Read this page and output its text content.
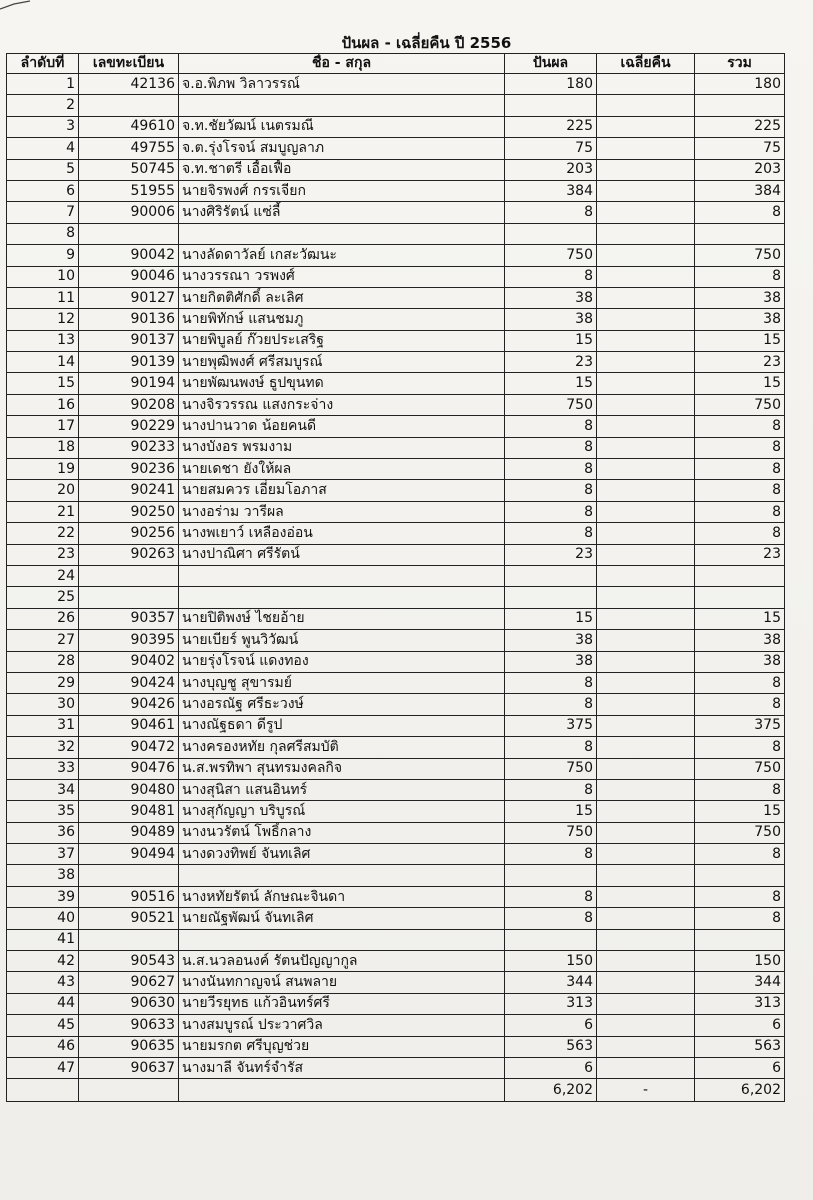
ปันผล - เฉลี่ยคืน ปี 2556
ลำดับที่	เลขทะเบียน	ชื่อ - สกุล	ปันผล	เฉลี่ยคืน	รวม
1	42136	จ.อ.พิภพ วิลาวรรณ์	180		180
2					
3	49610	จ.ท.ชัยวัฒน์ เนตรมณี	225		225
4	49755	จ.ต.รุ่งโรจน์ สมบูญลาภ	75		75
5	50745	จ.ท.ชาตรี เอื้อเฟื้อ	203		203
6	51955	นายจิรพงศ์ กรรเจียก	384		384
7	90006	นางศิริรัตน์ แซ่ลี้	8		8
8					
9	90042	นางลัดดาวัลย์ เกสะวัฒนะ	750		750
10	90046	นางวรรณา วรพงศ์	8		8
11	90127	นายกิตติศักดิ์ ละเลิศ	38		38
12	90136	นายพิทักษ์ แสนชมภู	38		38
13	90137	นายพิบูลย์ ก๊วยประเสริฐ	15		15
14	90139	นายพุฒิพงศ์ ศรีสมบูรณ์	23		23
15	90194	นายพัฒนพงษ์ ธูปขุนทด	15		15
16	90208	นางจิรวรรณ แสงกระจ่าง	750		750
17	90229	นางปานวาด น้อยคนดี	8		8
18	90233	นางบังอร พรมงาม	8		8
19	90236	นายเดชา ยังให้ผล	8		8
20	90241	นายสมควร เอี่ยมโอภาส	8		8
21	90250	นางอร่าม วารีผล	8		8
22	90256	นางพเยาว์ เหลืองอ่อน	8		8
23	90263	นางปาณิศา ศรีรัตน์	23		23
24					
25					
26	90357	นายปิติพงษ์ ไชยอ้าย	15		15
27	90395	นายเบียร์ พูนวิวัฒน์	38		38
28	90402	นายรุ่งโรจน์ แดงทอง	38		38
29	90424	นางบุญชู สุขารมย์	8		8
30	90426	นางอรณัฐ ศรีธะวงษ์	8		8
31	90461	นางณัฐธดา ดีรูป	375		375
32	90472	นางครองหทัย กุลศรีสมบัติ	8		8
33	90476	น.ส.พรทิพา สุนทรมงคลกิจ	750		750
34	90480	นางสุนิสา แสนอินทร์	8		8
35	90481	นางสุกัญญา บริบูรณ์	15		15
36	90489	นางนวรัตน์ โพธิ์กลาง	750		750
37	90494	นางดวงทิพย์ จันทเลิศ	8		8
38					
39	90516	นางหทัยรัตน์ ลักษณะจินดา	8		8
40	90521	นายณัฐพัฒน์ จันทเลิศ	8		8
41					
42	90543	น.ส.นวลอนงค์ รัตนปัญญากูล	150		150
43	90627	นางนันทกาญจน์ สนพลาย	344		344
44	90630	นายวีรยุทธ แก้วอินทร์ศรี	313		313
45	90633	นางสมบูรณ์ ประวาศวิล	6		6
46	90635	นายมรกต ศรีบุญช่วย	563		563
47	90637	นางมาลี จันทร์จำรัส	6		6
			6,202	-	6,202
